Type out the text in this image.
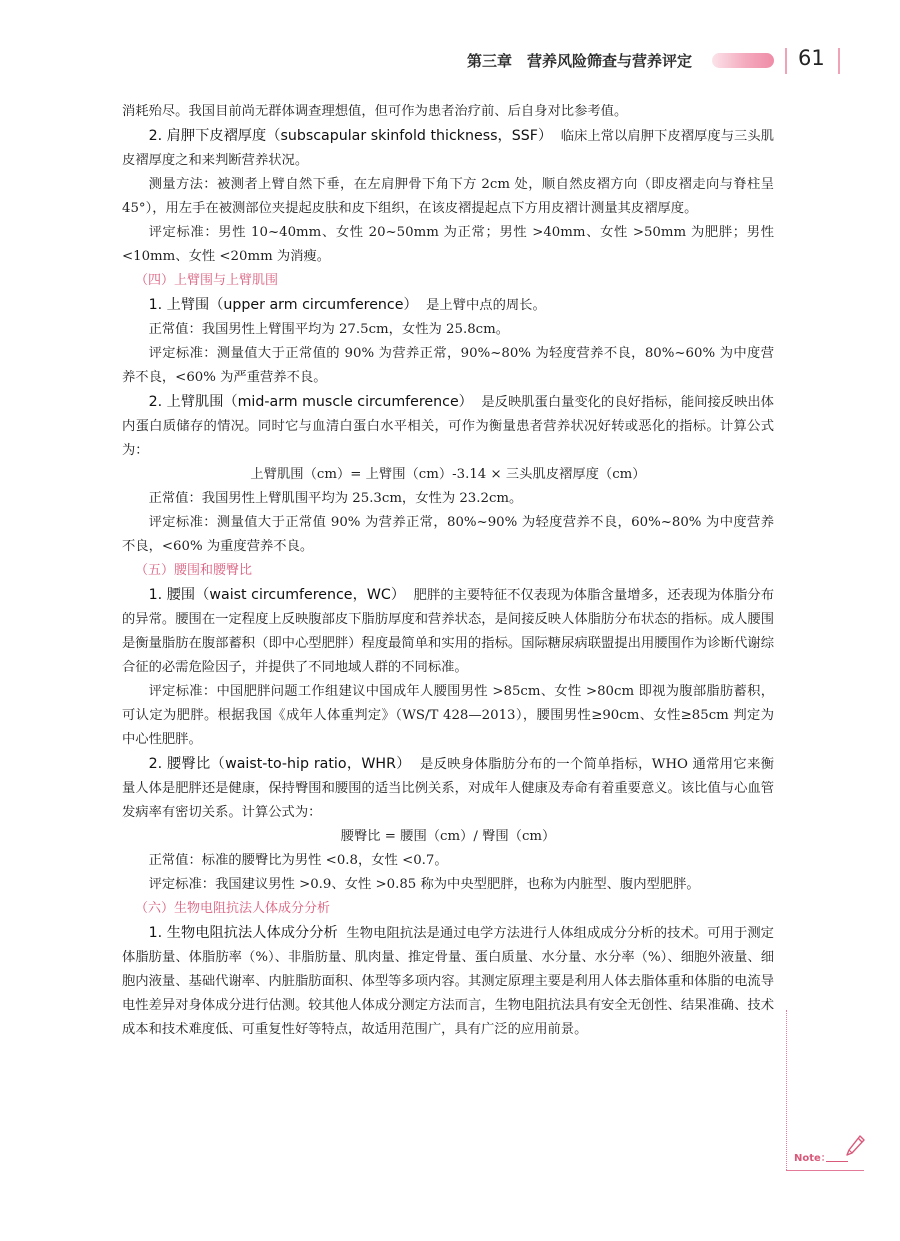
第三章　营养风险筛查与营养评定	61

消耗殆尽。我国目前尚无群体调查理想值，但可作为患者治疗前、后自身对比参考值。

2. 肩胛下皮褶厚度（subscapular skinfold thickness，SSF） 临床上常以肩胛下皮褶厚度与三头肌皮褶厚度之和来判断营养状况。

测量方法：被测者上臂自然下垂，在左肩胛骨下角下方 2cm 处，顺自然皮褶方向（即皮褶走向与脊柱呈 45°），用左手在被测部位夹提起皮肤和皮下组织，在该皮褶提起点下方用皮褶计测量其皮褶厚度。

评定标准：男性 10~40mm、女性 20~50mm 为正常；男性 >40mm、女性 >50mm 为肥胖；男性 <10mm、女性 <20mm 为消瘦。

（四）上臂围与上臂肌围

1. 上臂围（upper arm circumference） 是上臂中点的周长。

正常值：我国男性上臂围平均为 27.5cm，女性为 25.8cm。

评定标准：测量值大于正常值的 90% 为营养正常，90%~80% 为轻度营养不良，80%~60% 为中度营养不良，<60% 为严重营养不良。

2. 上臂肌围（mid-arm muscle circumference） 是反映肌蛋白量变化的良好指标，能间接反映出体内蛋白质储存的情况。同时它与血清白蛋白水平相关，可作为衡量患者营养状况好转或恶化的指标。计算公式为：

上臂肌围（cm）= 上臂围（cm）-3.14 × 三头肌皮褶厚度（cm）

正常值：我国男性上臂肌围平均为 25.3cm，女性为 23.2cm。

评定标准：测量值大于正常值 90% 为营养正常，80%~90% 为轻度营养不良，60%~80% 为中度营养不良，<60% 为重度营养不良。

（五）腰围和腰臀比

1. 腰围（waist circumference，WC） 肥胖的主要特征不仅表现为体脂含量增多，还表现为体脂分布的异常。腰围在一定程度上反映腹部皮下脂肪厚度和营养状态，是间接反映人体脂肪分布状态的指标。成人腰围是衡量脂肪在腹部蓄积（即中心型肥胖）程度最简单和实用的指标。国际糖尿病联盟提出用腰围作为诊断代谢综合征的必需危险因子，并提供了不同地域人群的不同标准。

评定标准：中国肥胖问题工作组建议中国成年人腰围男性 >85cm、女性 >80cm 即视为腹部脂肪蓄积，可认定为肥胖。根据我国《成年人体重判定》（WS/T 428—2013），腰围男性≥90cm、女性≥85cm 判定为中心性肥胖。

2. 腰臀比（waist-to-hip ratio，WHR） 是反映身体脂肪分布的一个简单指标，WHO 通常用它来衡量人体是肥胖还是健康，保持臀围和腰围的适当比例关系，对成年人健康及寿命有着重要意义。该比值与心血管发病率有密切关系。计算公式为：

腰臀比 = 腰围（cm）/ 臀围（cm）

正常值：标准的腰臀比为男性 <0.8，女性 <0.7。

评定标准：我国建议男性 >0.9、女性 >0.85 称为中央型肥胖，也称为内脏型、腹内型肥胖。

（六）生物电阻抗法人体成分分析

1. 生物电阻抗法人体成分分析 生物电阻抗法是通过电学方法进行人体组成成分分析的技术。可用于测定体脂肪量、体脂肪率（%）、非脂肪量、肌肉量、推定骨量、蛋白质量、水分量、水分率（%）、细胞外液量、细胞内液量、基础代谢率、内脏脂肪面积、体型等多项内容。其测定原理主要是利用人体去脂体重和体脂的电流导电性差异对身体成分进行估测。较其他人体成分测定方法而言，生物电阻抗法具有安全无创性、结果准确、技术成本和技术难度低、可重复性好等特点，故适用范围广，具有广泛的应用前景。

Note：
